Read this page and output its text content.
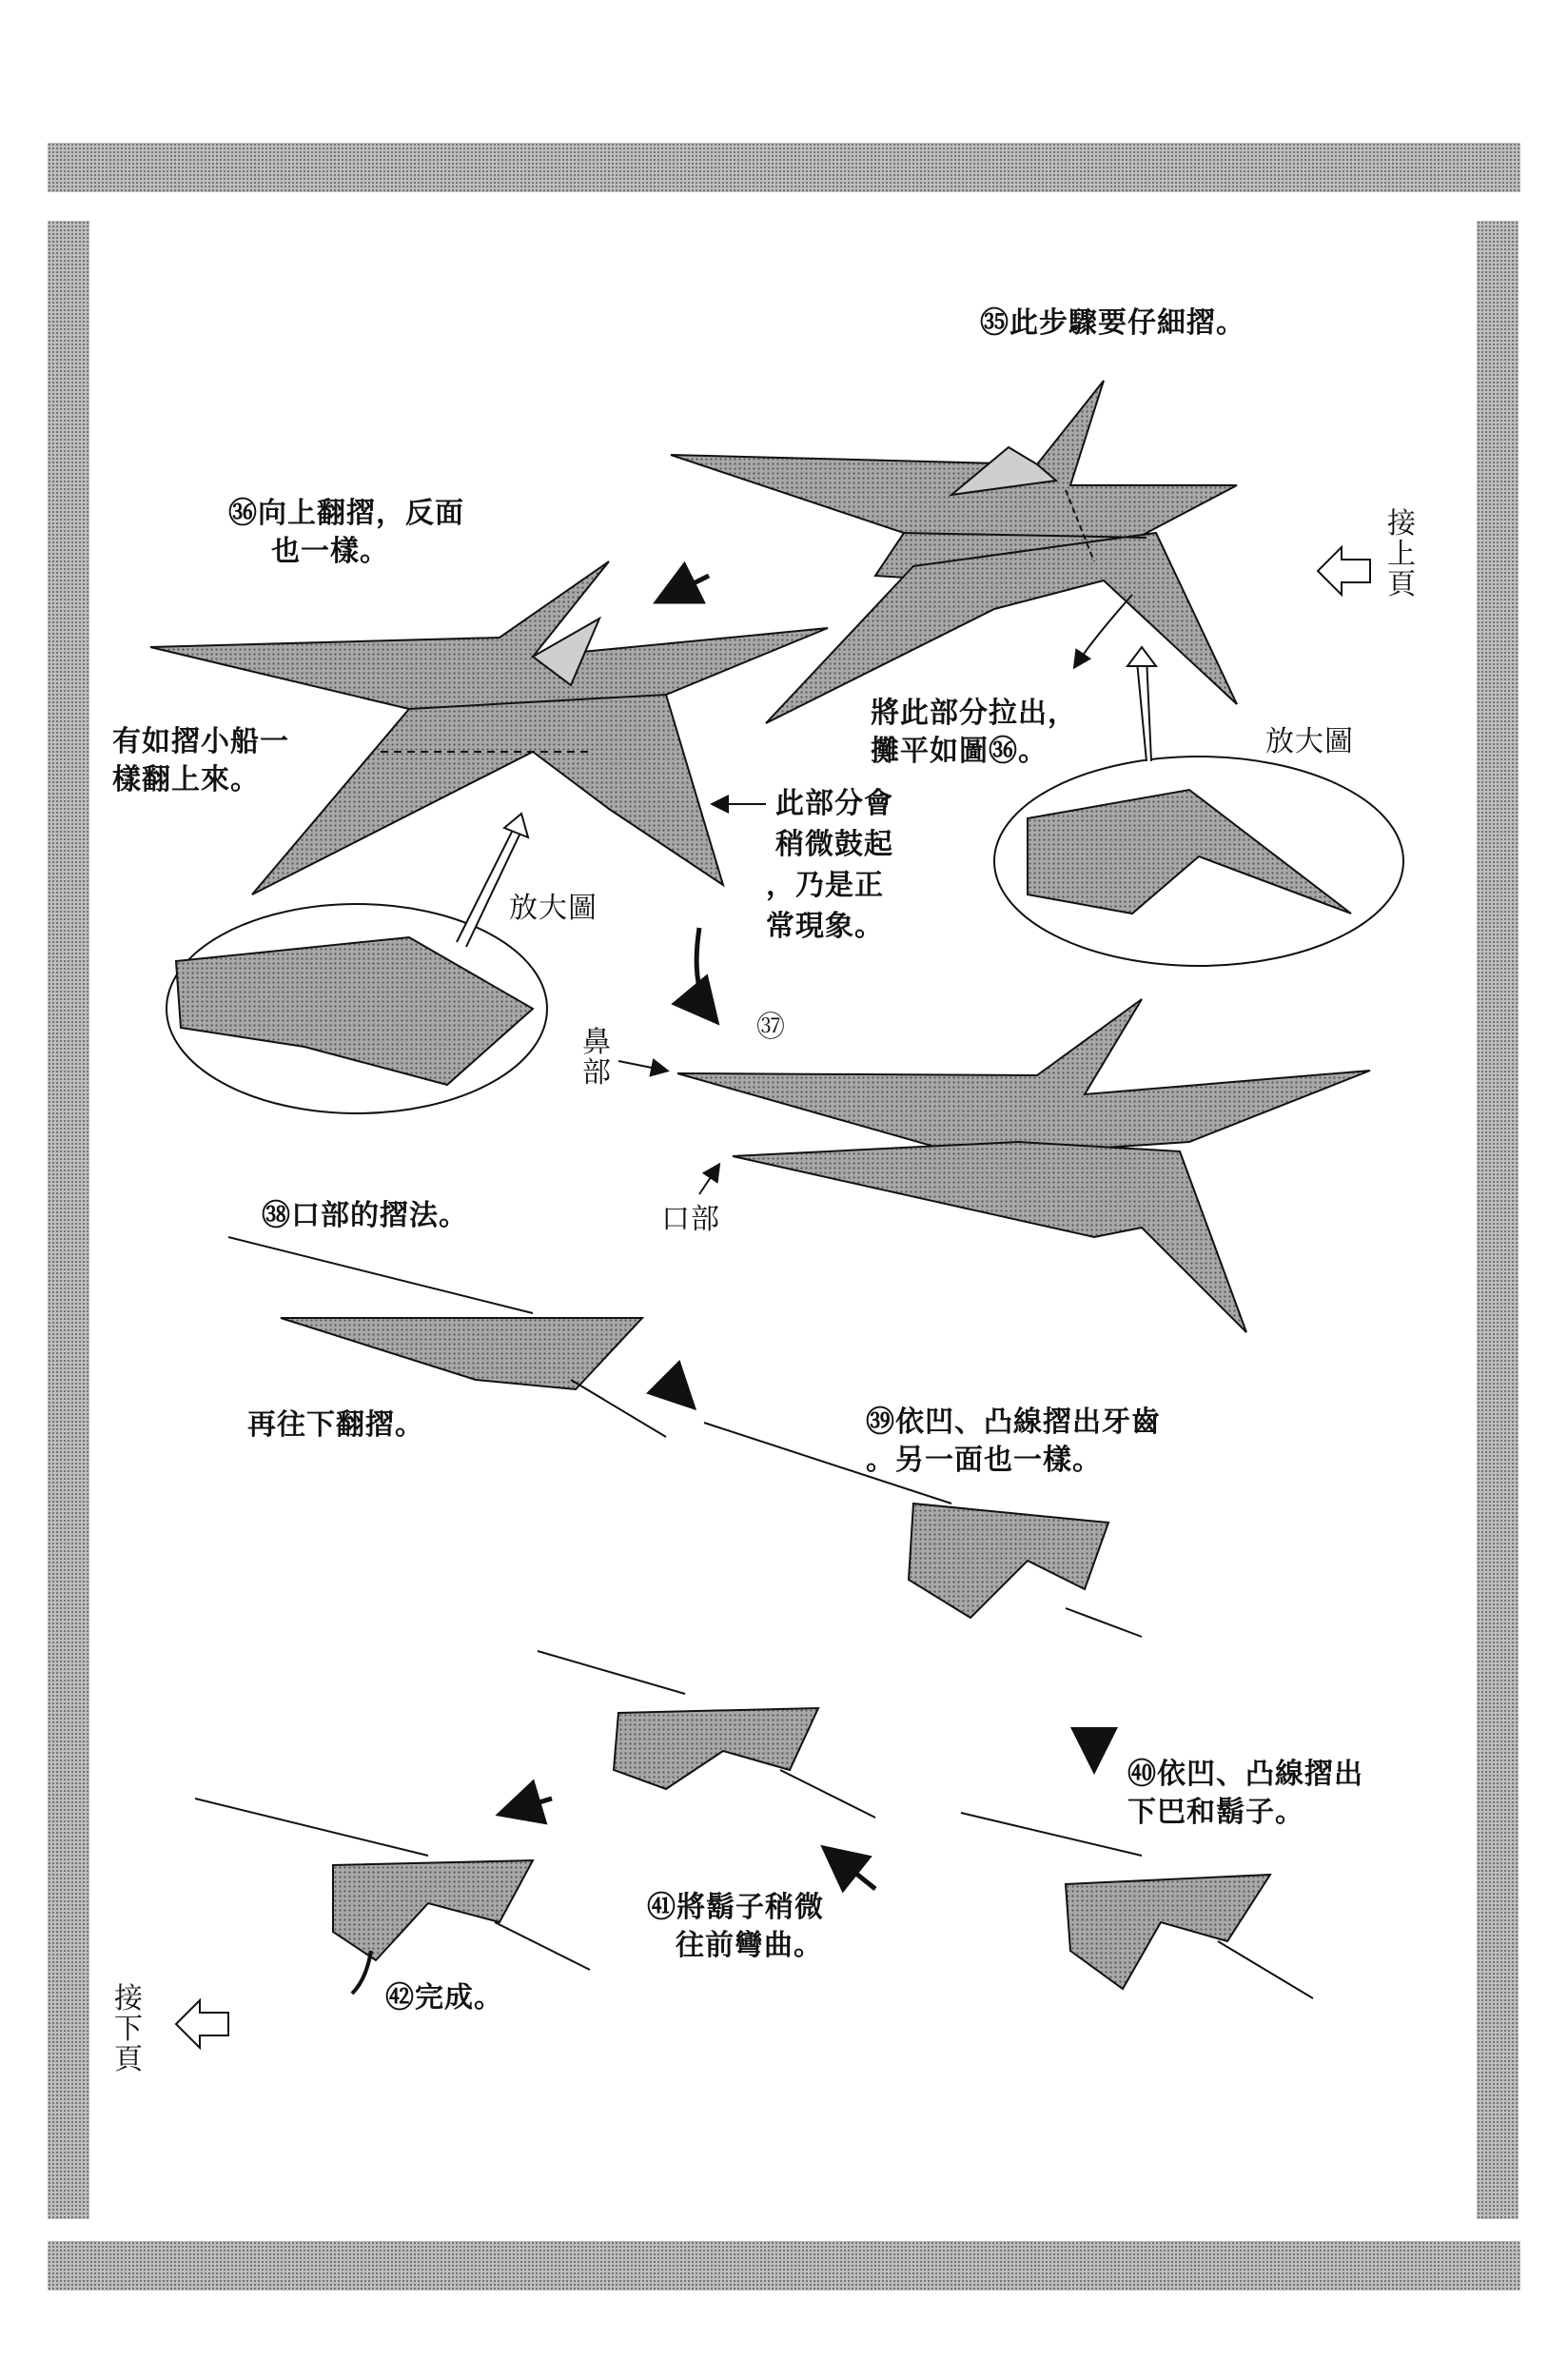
㉟此步驟要仔細摺。
㊱向上翻摺，反面
也一樣。
接上頁
將此部分拉出，
攤平如圖㊱。	放大圖
有如摺小船一
樣翻上來。
此部分會
稍微鼓起
，乃是正
常現象。
放大圖
㊲
鼻部
口部
㊳口部的摺法。
再往下翻摺。	㊴依凹、凸線摺出牙齒
。另一面也一樣。
㊵依凹、凸線摺出
下巴和鬍子。
㊶將鬍子稍微
往前彎曲。
㊷完成。
接下頁
